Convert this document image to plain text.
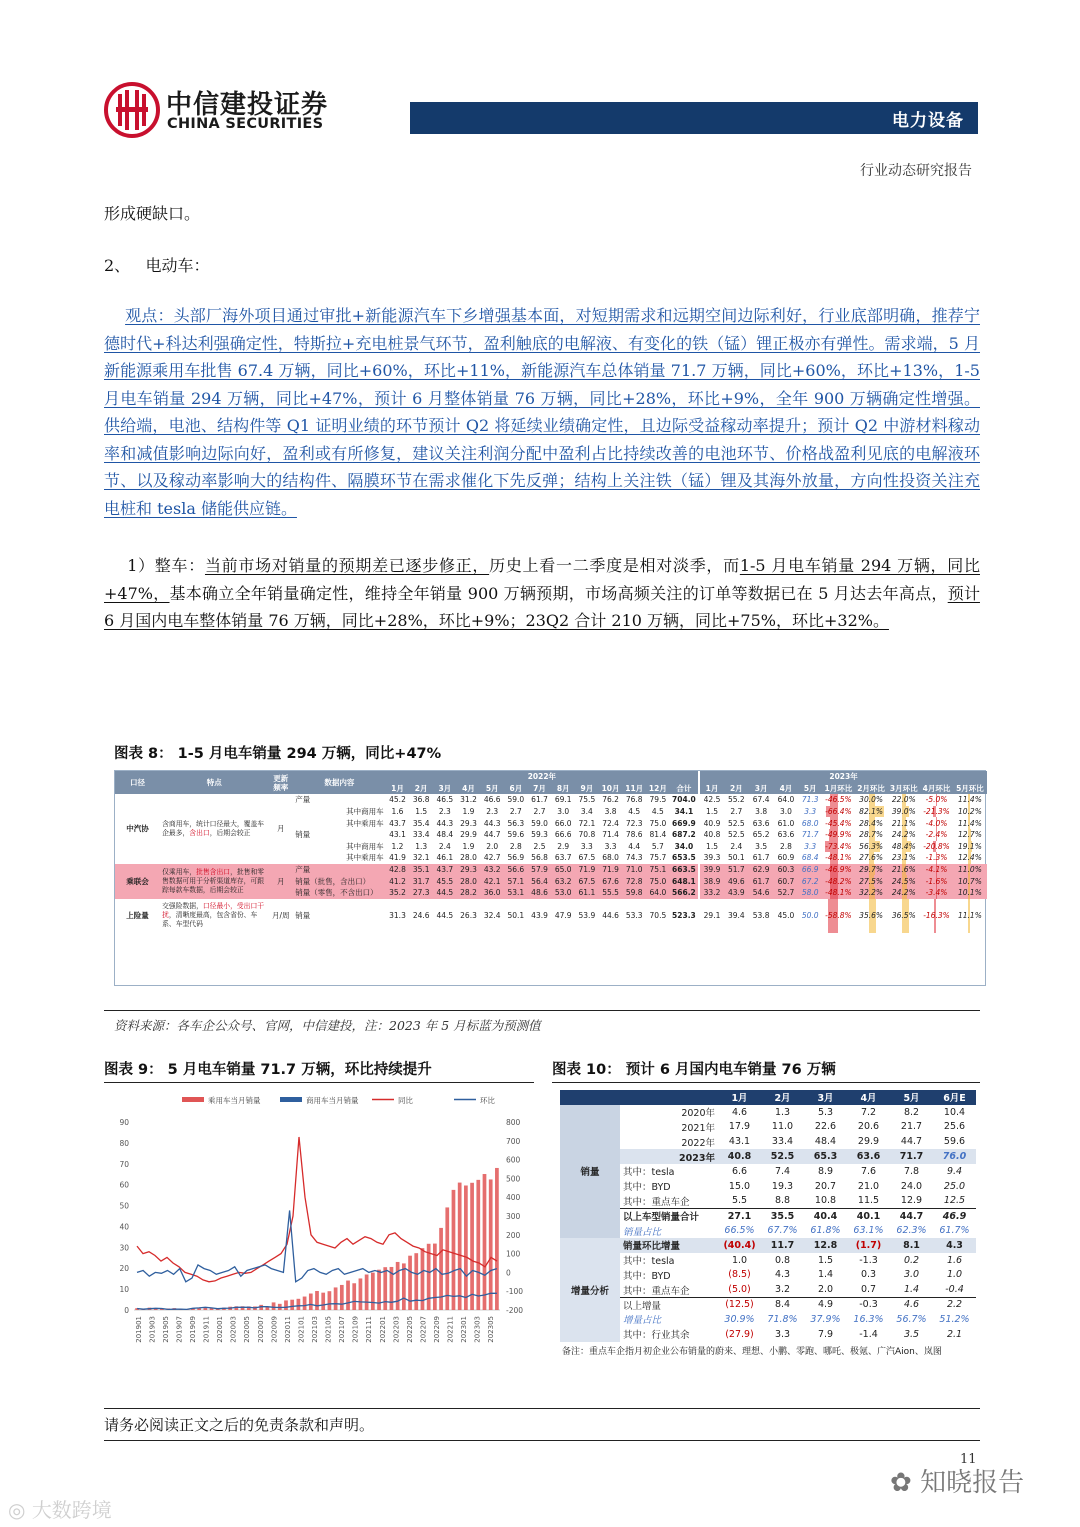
中信建投证券
CHINA SECURITIES	电力设备
行业动态研究报告
形成硬缺口。
2、 电动车：
观点：头部厂海外项目通过审批+新能源汽车下乡增强基本面，对短期需求和远期空间边际利好，行业底部明确，推荐宁德时代+科达利强确定性，特斯拉+充电桩景气环节，盈利触底的电解液、有变化的铁（锰）锂正极亦有弹性。需求端，5 月新能源乘用车批售 67.4 万辆，同比+60%，环比+11%，新能源汽车总体销量 71.7 万辆，同比+60%，环比+13%，1-5 月电车销量 294 万辆，同比+47%，预计 6 月整体销量 76 万辆，同比+28%，环比+9%，全年 900 万辆确定性增强。供给端，电池、结构件等 Q1 证明业绩的环节预计 Q2 将延续业绩确定性，且边际受益稼动率提升；预计 Q2 中游材料稼动率和减值影响边际向好，盈利或有所修复，建议关注利润分配中盈利占比持续改善的电池环节、价格战盈利见底的电解液环节、以及稼动率影响大的结构件、隔膜环节在需求催化下先反弹；结构上关注铁（锰）锂及其海外放量，方向性投资关注充电桩和 tesla 储能供应链。
1）整车：当前市场对销量的预期差已逐步修正，历史上看一二季度是相对淡季，而1-5 月电车销量 294 万辆，同比+47%，基本确立全年销量确定性，维持全年销量 900 万辆预期，市场高频关注的订单等数据已在 5 月达去年高点，预计 6 月国内电车整体销量 76 万辆，同比+28%，环比+9%；23Q2 合计 210 万辆，同比+75%，环比+32%。
图表 8： 1-5 月电车销量 294 万辆，同比+47%
口径	特点	更新频率	数据内容	2022年													2023年									
				1月	2月	3月	4月	5月	6月	7月	8月	9月	10月	11月	12月	合计	1月	2月	3月	4月	5月	1月环比	2月环比	3月环比	4月环比	5月环比
中汽协	含商用车，统计口径最大，覆盖车企最多，含出口，后期会较正	月	产量	45.2	36.8	46.5	31.2	46.6	59.0	61.7	69.1	75.5	76.2	76.8	79.5	704.0	42.5	55.2	67.4	64.0	71.3	-46.5%	30.0%	22.0%	-5.0%	11.4%
			其中商用车	1.6	1.5	2.3	1.9	2.3	2.7	2.7	3.0	3.4	3.8	4.5	4.5	34.1	1.5	2.7	3.8	3.0	3.3	-66.4%	82.1%	39.0%	-21.3%	10.2%
			其中乘用车	43.7	35.4	44.3	29.3	44.3	56.3	59.0	66.0	72.1	72.4	72.3	75.0	669.9	40.9	52.5	63.6	61.0	68.0	-45.4%	28.4%	21.1%	-4.0%	11.4%
			销量	43.1	33.4	48.4	29.9	44.7	59.6	59.3	66.6	70.8	71.4	78.6	81.4	687.2	40.8	52.5	65.2	63.6	71.7	-49.9%	28.7%	24.2%	-2.4%	12.7%
			其中商用车	1.2	1.3	2.4	1.9	2.0	2.8	2.5	2.9	3.3	3.3	4.4	5.7	34.0	1.5	2.4	3.5	2.8	3.3	-73.4%	56.3%	48.4%	-20.8%	19.1%
			其中乘用车	41.9	32.1	46.1	28.0	42.7	56.9	56.8	63.7	67.5	68.0	74.3	75.7	653.5	39.3	50.1	61.7	60.9	68.4	-48.1%	27.6%	23.1%	-1.3%	12.4%
乘联会	仅乘用车，批售含出口，批售和零售数据可用于分析渠道库存，可跟踪每款车数据，后期会较正	月	产量	42.8	35.1	43.7	29.3	43.2	56.6	57.9	65.0	71.9	71.9	71.0	75.1	663.5	39.9	51.7	62.9	60.3	66.9	-46.9%	29.7%	21.6%	-4.1%	11.0%
			销量（批售，含出口）	41.2	31.7	45.5	28.0	42.1	57.1	56.4	63.2	67.5	67.6	72.8	75.0	648.1	38.9	49.6	61.7	60.7	67.2	-48.2%	27.5%	24.5%	-1.6%	10.7%
			销量（零售，不含出口）	35.2	27.3	44.5	28.2	36.0	53.1	48.6	53.0	61.1	55.5	59.8	64.0	566.2	33.2	43.9	54.6	52.7	58.0	-48.1%	32.2%	24.2%	-3.4%	10.1%
上险量	交强险数据，口径最小，受出口干扰，清晰度最高，包含省份、车系、车型代码	月/周	销量	31.3	24.6	44.5	26.3	32.4	50.1	43.9	47.9	53.9	44.6	53.3	70.5	523.3	29.1	39.4	53.8	45.0	50.0	-58.8%	35.6%	36.5%	-16.3%	11.1%
资料来源：各车企公众号、官网，中信建投，注：2023 年 5 月标蓝为预测值
图表 9： 5 月电车销量 71.7 万辆，环比持续提升
乘用车当月销量	商用车当月销量	同比	环比
0
10
20
30
40
50
60
70
80
90
-200
-100
0
100
200
300
400
500
600
700
800
201901 201903 201905 201907 201909 201911 202001 202003 202005 202007 202009 202011 202101 202103 202105 202107 202109 202111 202201 202203 202205 202207 202209 202211 202301 202303 202305
图表 10： 预计 6 月国内电车销量 76 万辆
		1月	2月	3月	4月	5月	6月E
销量	2020年	4.6	1.3	5.3	7.2	8.2	10.4
	2021年	17.9	11.0	22.6	20.6	21.7	25.6
	2022年	43.1	33.4	48.4	29.9	44.7	59.6
	2023年	40.8	52.5	65.3	63.6	71.7	76.0
	其中：tesla	6.6	7.4	8.9	7.6	7.8	9.4
	其中：BYD	15.0	19.3	20.7	21.0	24.0	25.0
	其中：重点车企	5.5	8.8	10.8	11.5	12.9	12.5
	以上车型销量合计	27.1	35.5	40.4	40.1	44.7	46.9
	销量占比	66.5%	67.7%	61.8%	63.1%	62.3%	61.7%
增量分析	销量环比增量	(40.4)	11.7	12.8	(1.7)	8.1	4.3
	其中：tesla	1.0	0.8	1.5	-1.3	0.2	1.6
	其中：BYD	(8.5)	4.3	1.4	0.3	3.0	1.0
	其中：重点车企	(5.0)	3.2	2.0	0.7	1.4	-0.4
	以上增量	(12.5)	8.4	4.9	-0.3	4.6	2.2
	增量占比	30.9%	71.8%	37.9%	16.3%	56.7%	51.2%
	其中：行业其余	(27.9)	3.3	7.9	-1.4	3.5	2.1
备注：重点车企指月初企业公布销量的蔚来、理想、小鹏、零跑、哪吒、极氪、广汽Aion、岚图
请务必阅读正文之后的免责条款和声明。
11
✿ 知晓报告
◎ 大数跨境
